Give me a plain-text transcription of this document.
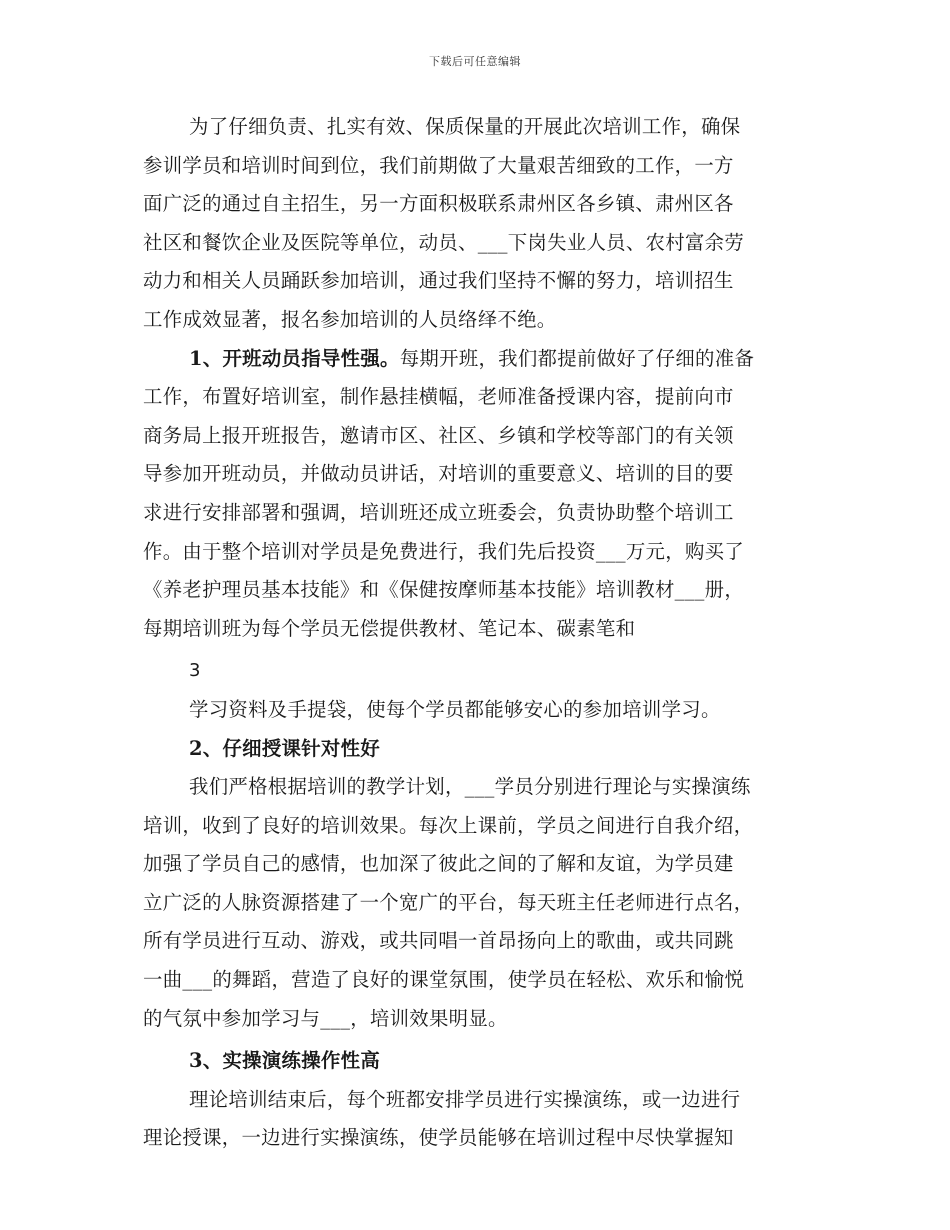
下载后可任意编辑
为了仔细负责、扎实有效、保质保量的开展此次培训工作，确保
参训学员和培训时间到位，我们前期做了大量艰苦细致的工作，一方
面广泛的通过自主招生，另一方面积极联系肃州区各乡镇、肃州区各
社区和餐饮企业及医院等单位，动员、___下岗失业人员、农村富余劳
动力和相关人员踊跃参加培训，通过我们坚持不懈的努力，培训招生
工作成效显著，报名参加培训的人员络绎不绝。
1、开班动员指导性强。每期开班，我们都提前做好了仔细的准备
工作，布置好培训室，制作悬挂横幅，老师准备授课内容，提前向市
商务局上报开班报告，邀请市区、社区、乡镇和学校等部门的有关领
导参加开班动员，并做动员讲话，对培训的重要意义、培训的目的要
求进行安排部署和强调，培训班还成立班委会，负责协助整个培训工
作。由于整个培训对学员是免费进行，我们先后投资___万元，购买了
《养老护理员基本技能》和《保健按摩师基本技能》培训教材___册，
每期培训班为每个学员无偿提供教材、笔记本、碳素笔和
3
学习资料及手提袋，使每个学员都能够安心的参加培训学习。
2、仔细授课针对性好
我们严格根据培训的教学计划，___学员分别进行理论与实操演练
培训，收到了良好的培训效果。每次上课前，学员之间进行自我介绍，
加强了学员自己的感情，也加深了彼此之间的了解和友谊，为学员建
立广泛的人脉资源搭建了一个宽广的平台，每天班主任老师进行点名，
所有学员进行互动、游戏，或共同唱一首昂扬向上的歌曲，或共同跳
一曲___的舞蹈，营造了良好的课堂氛围，使学员在轻松、欢乐和愉悦
的气氛中参加学习与___，培训效果明显。
3、实操演练操作性高
理论培训结束后，每个班都安排学员进行实操演练，或一边进行
理论授课，一边进行实操演练，使学员能够在培训过程中尽快掌握知
